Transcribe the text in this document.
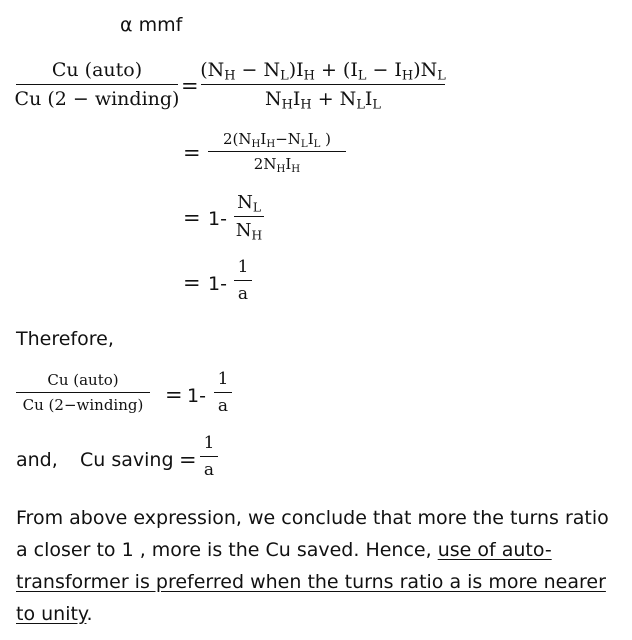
α mmf
Cu (auto)
Cu (2 − winding)
=
$(N_H - N_L)I_H + (I_L - I_H)N_L$
$N_HI_H + N_LI_L$
=
$2(N_HI_H-N_LI_L$ )
$2N_HI_H$
= 1-
$N_L$
$N_H$
= 1-
1
a
Therefore,
Cu (auto)
Cu (2−winding) = 1-
1
a
and, Cu saving =
1
a
From above expression, we conclude that more the turns ratio a closer to 1 , more is the Cu saved. Hence, use of auto-transformer is preferred when the turns ratio a is more nearer to unity.
